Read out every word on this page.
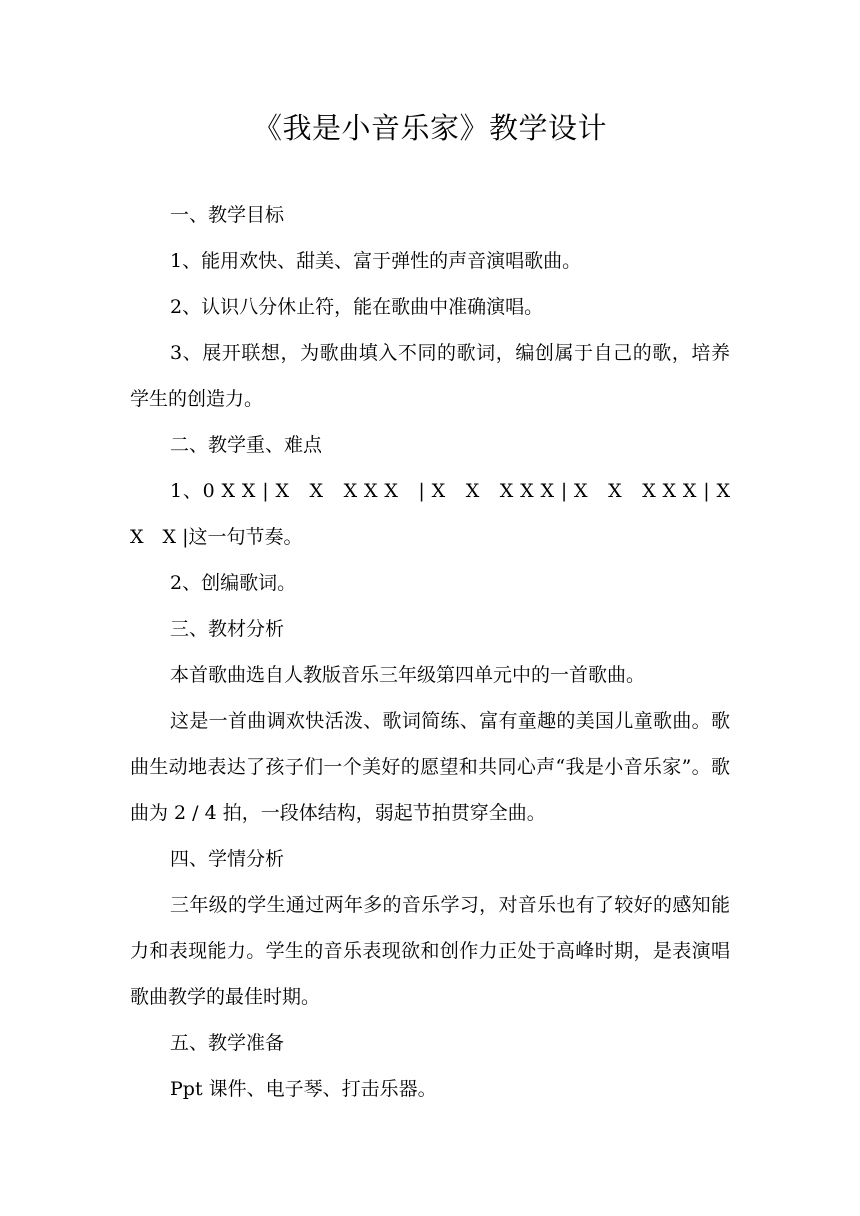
《我是小音乐家》教学设计

一、教学目标

1、能用欢快、甜美、富于弹性的声音演唱歌曲。

2、认识八分休止符，能在歌曲中准确演唱。

3、展开联想，为歌曲填入不同的歌词，编创属于自己的歌，培养学生的创造力。

二、教学重、难点

1、0 X X | X　X　X X X　| X　X　X X X | X　X　X X X | X　X　X |这一句节奏。

2、创编歌词。

三、教材分析

本首歌曲选自人教版音乐三年级第四单元中的一首歌曲。

这是一首曲调欢快活泼、歌词简练、富有童趣的美国儿童歌曲。歌曲生动地表达了孩子们一个美好的愿望和共同心声“我是小音乐家”。歌曲为 2 / 4 拍，一段体结构，弱起节拍贯穿全曲。

四、学情分析

三年级的学生通过两年多的音乐学习，对音乐也有了较好的感知能力和表现能力。学生的音乐表现欲和创作力正处于高峰时期，是表演唱歌曲教学的最佳时期。

五、教学准备

Ppt 课件、电子琴、打击乐器。
